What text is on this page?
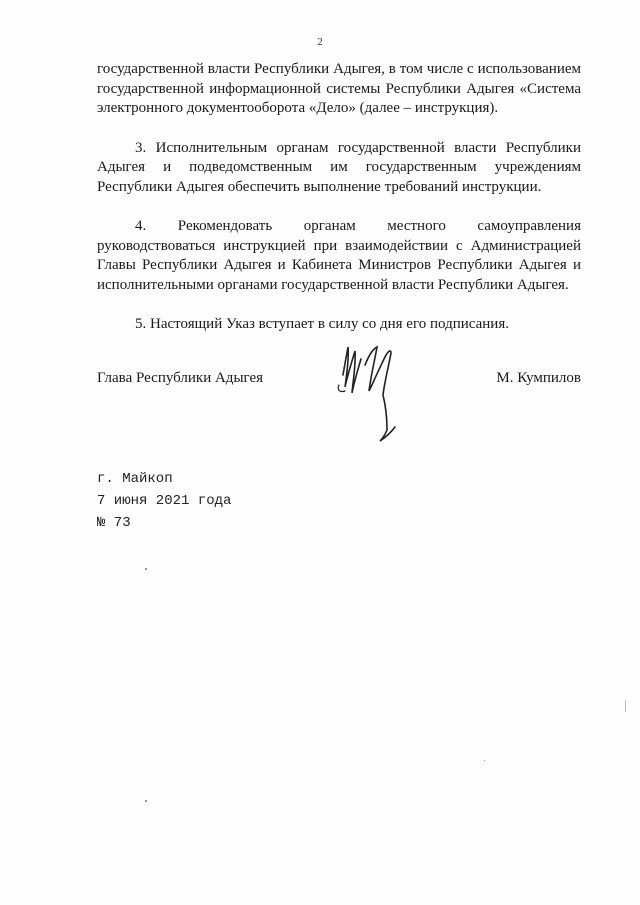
2

государственной власти Республики Адыгея, в том числе с использованием государственной информационной системы Республики Адыгея «Система электронного документооборота «Дело» (далее – инструкция).

3. Исполнительным органам государственной власти Республики Адыгея и подведомственным им государственным учреждениям Республики Адыгея обеспечить выполнение требований инструкции.

4. Рекомендовать органам местного самоуправления руководствоваться инструкцией при взаимодействии с Администрацией Главы Республики Адыгея и Кабинета Министров Республики Адыгея и исполнительными органами государственной власти Республики Адыгея.

5. Настоящий Указ вступает в силу со дня его подписания.

Глава Республики Адыгея	М. Кумпилов
г. Майкоп
7 июня 2021 года
№ 73
